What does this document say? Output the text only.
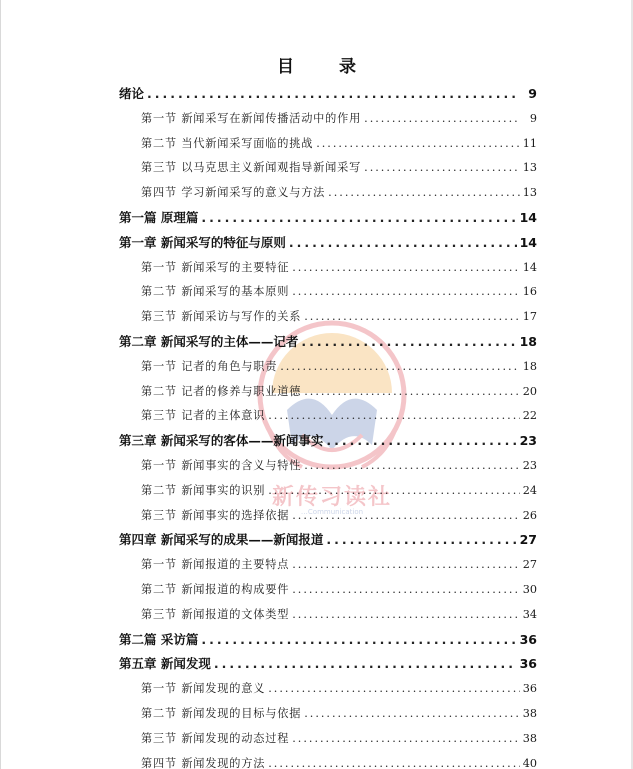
新传习读社
…Communication
目　录
绪论 .....	9
第一节 新闻采写在新闻传播活动中的作用 .....	9
第二节 当代新闻采写面临的挑战 .....	11
第三节 以马克思主义新闻观指导新闻采写 .....	13
第四节 学习新闻采写的意义与方法 .....	13
第一篇 原理篇 .....	14
第一章 新闻采写的特征与原则 .....	14
第一节 新闻采写的主要特征 .....	14
第二节 新闻采写的基本原则 .....	16
第三节 新闻采访与写作的关系 .....	17
第二章 新闻采写的主体——记者 .....	18
第一节 记者的角色与职责 .....	18
第二节 记者的修养与职业道德 .....	20
第三节 记者的主体意识 .....	22
第三章 新闻采写的客体——新闻事实 .....	23
第一节 新闻事实的含义与特性 .....	23
第二节 新闻事实的识别 .....	24
第三节 新闻事实的选择依据 .....	26
第四章 新闻采写的成果——新闻报道 .....	27
第一节 新闻报道的主要特点 .....	27
第二节 新闻报道的构成要件 .....	30
第三节 新闻报道的文体类型 .....	34
第二篇 采访篇 .....	36
第五章 新闻发现 .....	36
第一节 新闻发现的意义 .....	36
第二节 新闻发现的目标与依据 .....	38
第三节 新闻发现的动态过程 .....	38
第四节 新闻发现的方法 .....	40
